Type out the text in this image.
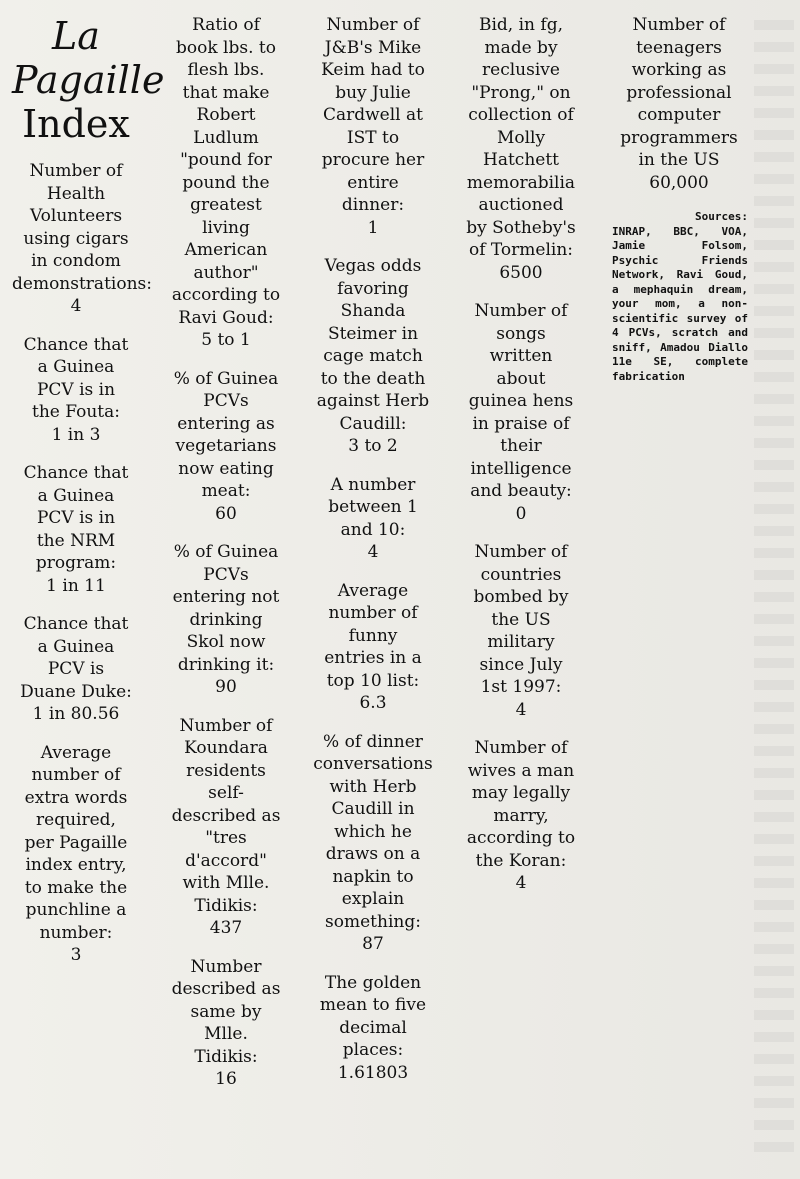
La
Pagaille
Index

Number of
Health
Volunteers
using cigars
in condom
demonstrations:
4

Chance that
a Guinea
PCV is in
the Fouta:
1 in 3

Chance that
a Guinea
PCV is in
the NRM
program:
1 in 11

Chance that
a Guinea
PCV is
Duane Duke:
1 in 80.56

Average
number of
extra words
required,
per Pagaille
index entry,
to make the
punchline a
number:
3

Ratio of
book lbs. to
flesh lbs.
that make
Robert
Ludlum
"pound for
pound the
greatest
living
American
author"
according to
Ravi Goud:
5 to 1

% of Guinea
PCVs
entering as
vegetarians
now eating
meat:
60

% of Guinea
PCVs
entering not
drinking
Skol now
drinking it:
90

Number of
Koundara
residents
self-
described as
"tres
d'accord"
with Mlle.
Tidikis:
437

Number
described as
same by
Mlle.
Tidikis:
16

Number of
J&B's Mike
Keim had to
buy Julie
Cardwell at
IST to
procure her
entire
dinner:
1

Vegas odds
favoring
Shanda
Steimer in
cage match
to the death
against Herb
Caudill:
3 to 2

A number
between 1
and 10:
4

Average
number of
funny
entries in a
top 10 list:
6.3

% of dinner
conversations
with Herb
Caudill in
which he
draws on a
napkin to
explain
something:
87

The golden
mean to five
decimal
places:
1.61803

Bid, in fg,
made by
reclusive
"Prong," on
collection of
Molly
Hatchett
memorabilia
auctioned
by Sotheby's
of Tormelin:
6500

Number of
songs
written
about
guinea hens
in praise of
their
intelligence
and beauty:
0

Number of
countries
bombed by
the US
military
since July
1st 1997:
4

Number of
wives a man
may legally
marry,
according to
the Koran:
4

Number of
teenagers
working as
professional
computer
programmers
in the US
60,000

Sources:
INRAP, BBC, VOA, Jamie Folsom, Psychic Friends Network, Ravi Goud, a mephaquin dream, your mom, a non-scientific survey of 4 PCVs, scratch and sniff, Amadou Diallo 11e SE, complete fabrication
